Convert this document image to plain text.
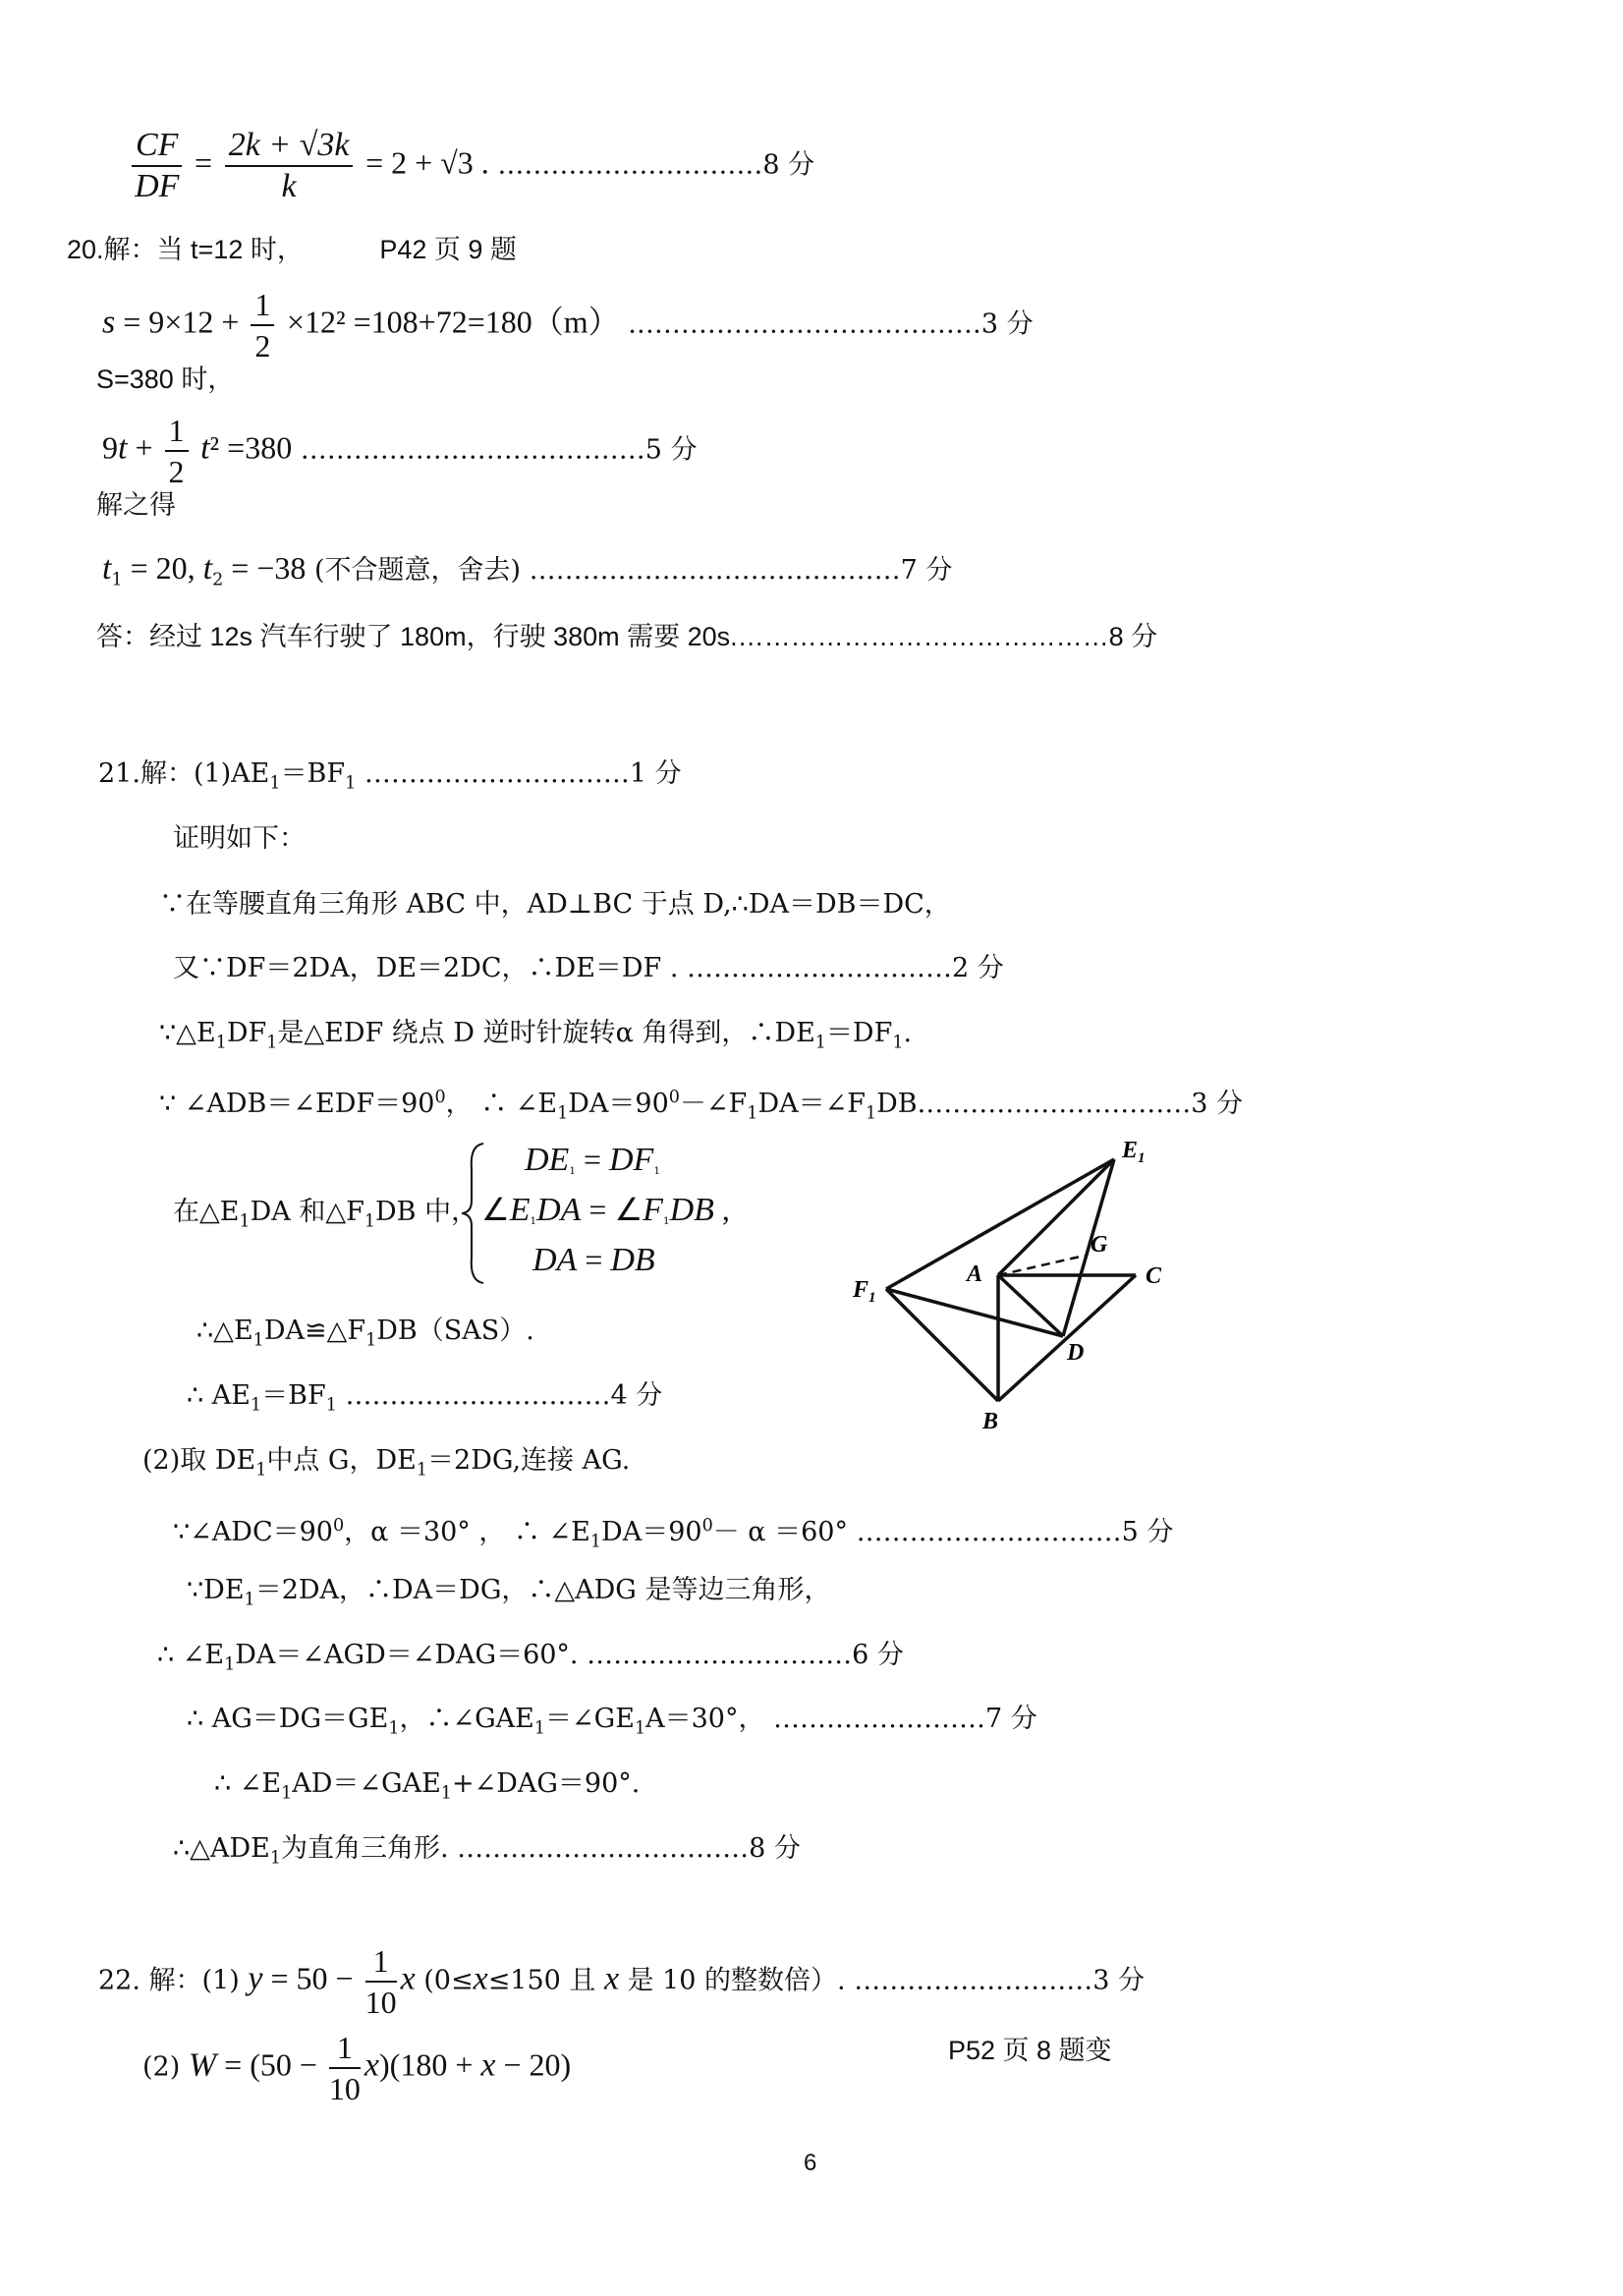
$\frac{CF}{DF} = \frac{2k + √3k}{k} = 2 + √3$ . …………………………8 分
20.解：当 t=12 时，	P42 页 9 题
$s = 9\times 12 + \frac{1}{2} \times 12^2 =108+72=180(m)$ .…………………………………3 分
S=380 时，
$9t + \frac{1}{2} t^2 =380$ …………………………………5 分
解之得
$t_1 = 20$, $t_2 = -38$ (不合题意，舍去) ……………………………………7 分
答：经过 12s 汽车行驶了 180m，行驶 380m 需要 20s.……………………………………8 分
21.解：$(1)AE_1=BF_1$ …………………………1 分
证明如下：
∵在等腰直角三角形 ABC 中，AD⊥BC 于点 D,∴DA＝DB＝DC，
又∵DF＝2DA，DE＝2DC，∴DE＝DF . …………………………2 分
$\because\triangle E_1DF_1$是△EDF 绕点 D 逆时针旋转α 角得到，$\therefore DE_1=DF_1$.
∵ $\angle ADB=\angle EDF=90^0$， ∴ $\angle E_1DA=90^0-\angle F_1DA=\angle F_1DB.\dots\dots\dots\dots\dots\dots\dots\dots\dots\dots 3$ 分
在$\triangle E_1DA$ 和$\triangle F_1DB$ 中，
$DE_1 = DF_1$
$\angle E_1DA$ = $\angle F_1DB$ ,
DA = DB
$\therefore\triangle E_1DA≌\triangle F_1DB(SAS)$.
∴ $AE_1=BF_1$ …………………………4 分
$E_1$
G
A	C
$F_1$
D
B
(2)取 $DE_1$中点 G，$DE_1=2DG$,连接 AG.
$\because\angle ADC=90^0$，α ＝30° ， ∴ $\angle E_1DA=90^0- \alpha =60^\circ$ …………………………5 分
$\because DE_1=2DA$，∴DA＝DG，∴△ADG 是等边三角形，
∴ $\angle E_1DA=\angle AGD=\angle DAG=60^\circ$. …………………………6 分
∴ $AG=DG=GE_1$，$\therefore\angle GAE_1=\angle GE_1A=30^\circ$， ……………………7 分
∴ $\angle E_1AD=\angle GAE_1+\angle DAG=90^\circ$.
$\therefore\triangle ADE_1$为直角三角形. ……………………………8 分
22. 解：(1) $y = 50 - \frac{1}{10}$ x (0≤x≤150 且 x 是 10 的整数倍）. ………………………3 分
(2) $W = (50 - \frac{1}{10} x)(180 + x - 20)$	P52 页 8 题变
6
